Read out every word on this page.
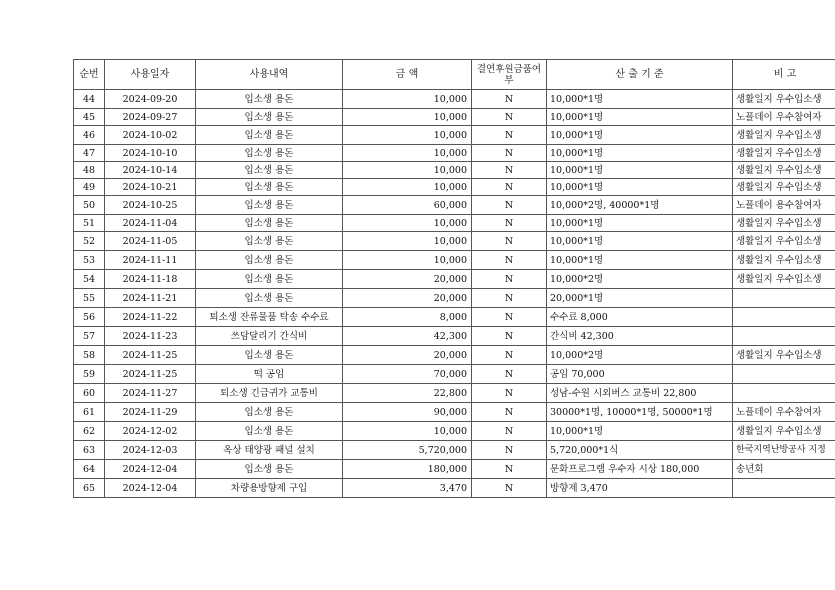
순번	사용일자	사용내역	금 액	결연후원금품여부	산 출 기 준	비 고
44	2024-09-20	입소생 용돈	10,000	N	10,000*1명	생활일지 우수입소생
45	2024-09-27	입소생 용돈	10,000	N	10,000*1명	노플데이 우수참여자
46	2024-10-02	입소생 용돈	10,000	N	10,000*1명	생활일지 우수입소생
47	2024-10-10	입소생 용돈	10,000	N	10,000*1명	생활일지 우수입소생
48	2024-10-14	입소생 용돈	10,000	N	10,000*1명	생활일지 우수입소생
49	2024-10-21	입소생 용돈	10,000	N	10,000*1명	생활일지 우수입소생
50	2024-10-25	입소생 용돈	60,000	N	10,000*2명, 40000*1명	노플데이 용수참여자
51	2024-11-04	입소생 용돈	10,000	N	10,000*1명	생활일지 우수입소생
52	2024-11-05	입소생 용돈	10,000	N	10,000*1명	생활일지 우수입소생
53	2024-11-11	입소생 용돈	10,000	N	10,000*1명	생활일지 우수입소생
54	2024-11-18	입소생 용돈	20,000	N	10,000*2명	생활일지 우수입소생
55	2024-11-21	입소생 용돈	20,000	N	20,000*1명	
56	2024-11-22	퇴소생 잔류물품 탁송 수수료	8,000	N	수수료 8,000	
57	2024-11-23	쓰담달리기 간식비	42,300	N	간식비 42,300	
58	2024-11-25	입소생 용돈	20,000	N	10,000*2명	생활일지 우수입소생
59	2024-11-25	떡 공임	70,000	N	공임 70,000	
60	2024-11-27	퇴소생 긴급귀가 교통비	22,800	N	성남-수원 시외버스 교통비 22,800	
61	2024-11-29	입소생 용돈	90,000	N	30000*1명, 10000*1명, 50000*1명	노플데이 우수참여자
62	2024-12-02	입소생 용돈	10,000	N	10,000*1명	생활일지 우수입소생
63	2024-12-03	옥상 태양광 패널 설치	5,720,000	N	5,720,000*1식	한국지역난방공사 지정
64	2024-12-04	입소생 용돈	180,000	N	문화프로그램 우수자 시상 180,000	송년회
65	2024-12-04	차량용방향제 구입	3,470	N	방향제 3,470	
